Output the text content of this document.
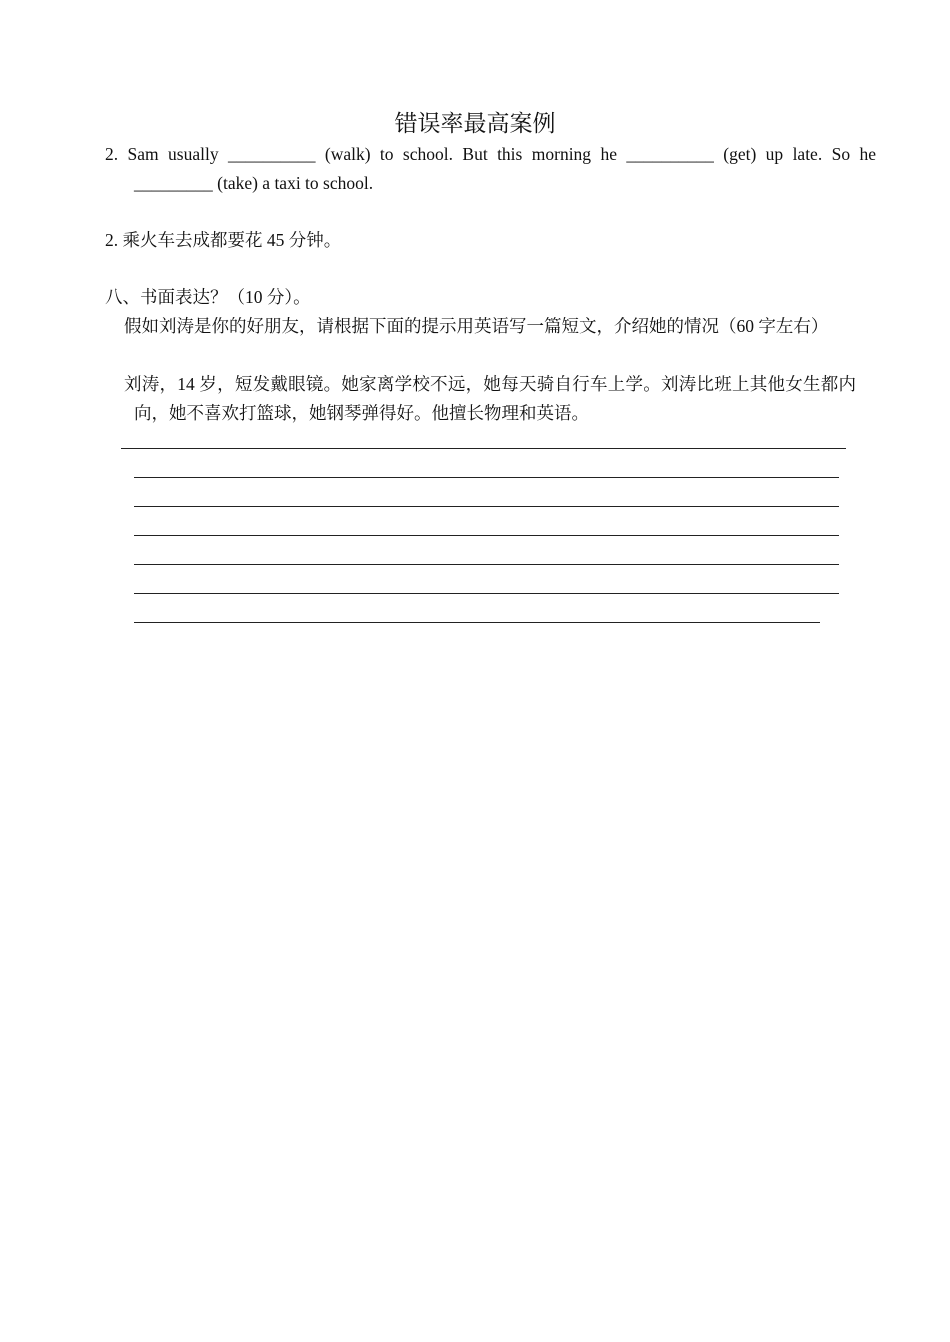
错误率最高案例
2. Sam usually __________ (walk) to school. But this morning he __________ (get) up late. So he _________ (take) a taxi to school.
2. 乘火车去成都要花 45 分钟。
八、书面表达？（10 分）。
假如刘涛是你的好朋友，请根据下面的提示用英语写一篇短文，介绍她的情况（60 字左右）
刘涛，14 岁，短发戴眼镜。她家离学校不远，她每天骑自行车上学。刘涛比班上其他女生都内向，她不喜欢打篮球，她钢琴弹得好。他擅长物理和英语。
